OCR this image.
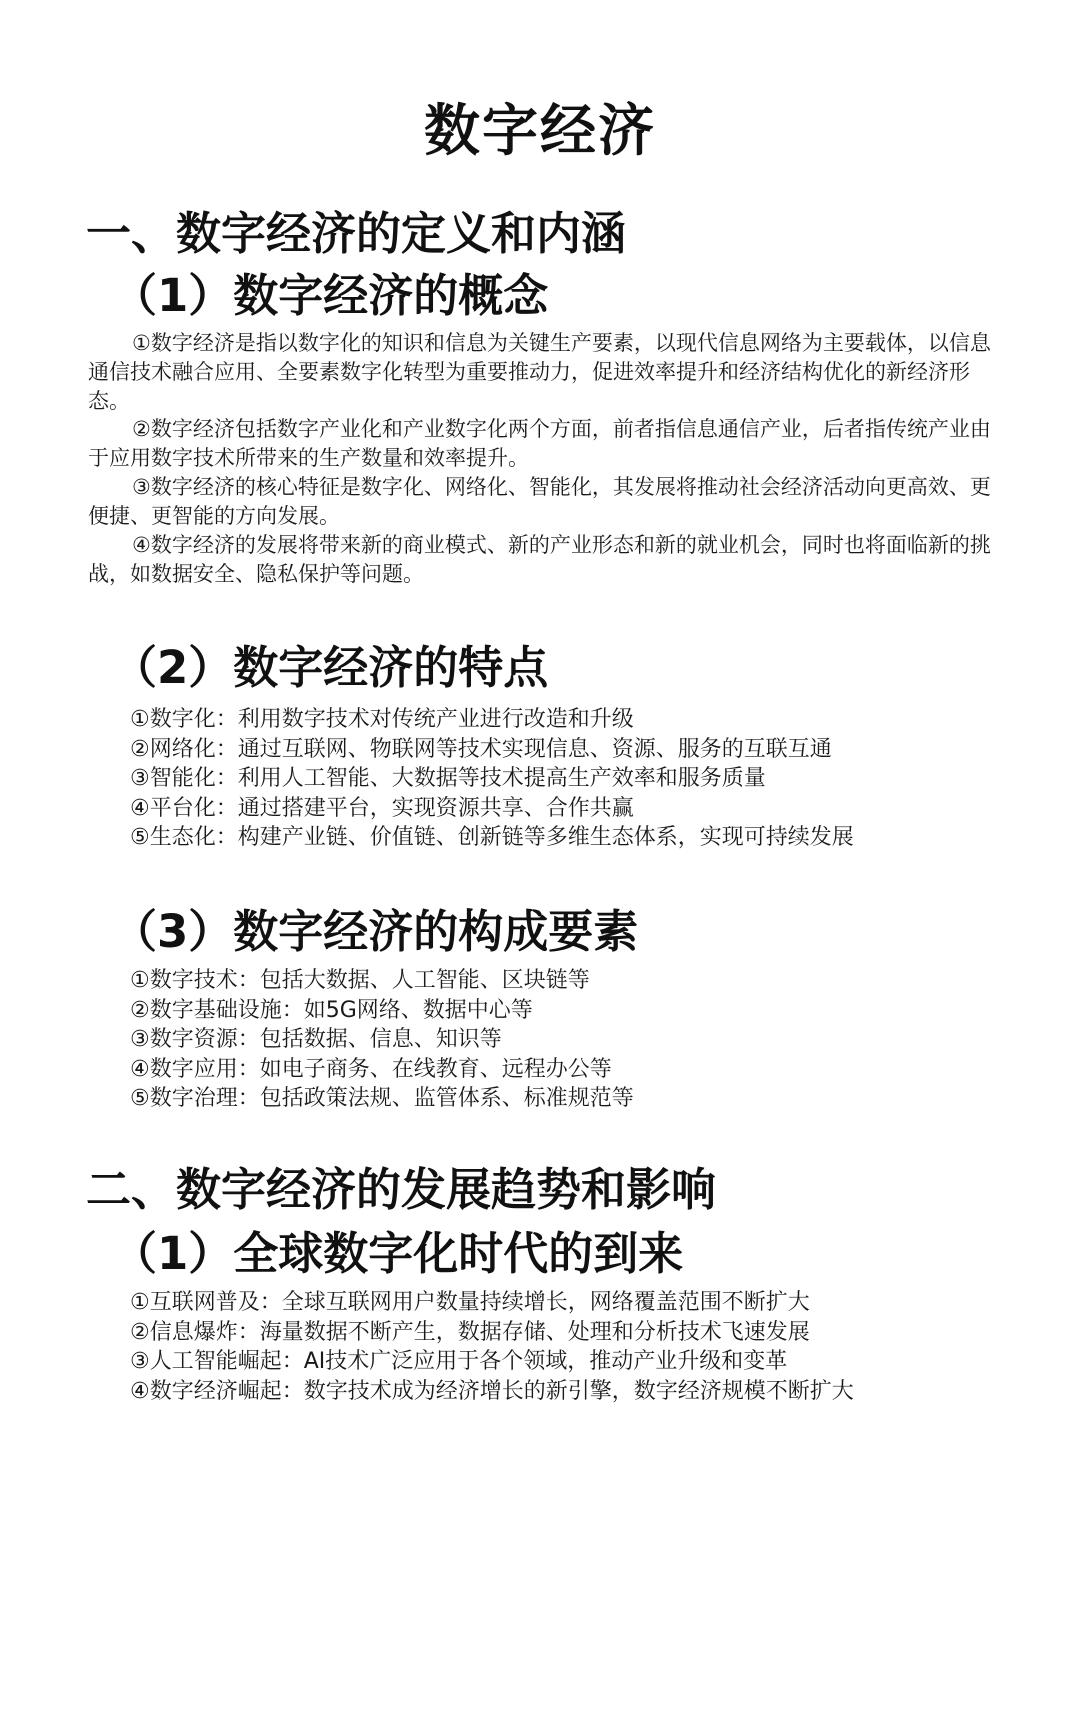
数字经济
一、数字经济的定义和内涵
（1）数字经济的概念

①数字经济是指以数字化的知识和信息为关键生产要素，以现代信息网络为主要载体，以信息通信技术融合应用、全要素数字化转型为重要推动力，促进效率提升和经济结构优化的新经济形态。

②数字经济包括数字产业化和产业数字化两个方面，前者指信息通信产业，后者指传统产业由于应用数字技术所带来的生产数量和效率提升。

③数字经济的核心特征是数字化、网络化、智能化，其发展将推动社会经济活动向更高效、更便捷、更智能的方向发展。

④数字经济的发展将带来新的商业模式、新的产业形态和新的就业机会，同时也将面临新的挑战，如数据安全、隐私保护等问题。

（2）数字经济的特点
①数字化：利用数字技术对传统产业进行改造和升级
②网络化：通过互联网、物联网等技术实现信息、资源、服务的互联互通
③智能化：利用人工智能、大数据等技术提高生产效率和服务质量
④平台化：通过搭建平台，实现资源共享、合作共赢
⑤生态化：构建产业链、价值链、创新链等多维生态体系，实现可持续发展
（3）数字经济的构成要素
①数字技术：包括大数据、人工智能、区块链等
②数字基础设施：如5G网络、数据中心等
③数字资源：包括数据、信息、知识等
④数字应用：如电子商务、在线教育、远程办公等
⑤数字治理：包括政策法规、监管体系、标准规范等
二、数字经济的发展趋势和影响
（1）全球数字化时代的到来
①互联网普及：全球互联网用户数量持续增长，网络覆盖范围不断扩大
②信息爆炸：海量数据不断产生，数据存储、处理和分析技术飞速发展
③人工智能崛起：AI技术广泛应用于各个领域，推动产业升级和变革
④数字经济崛起：数字技术成为经济增长的新引擎，数字经济规模不断扩大
